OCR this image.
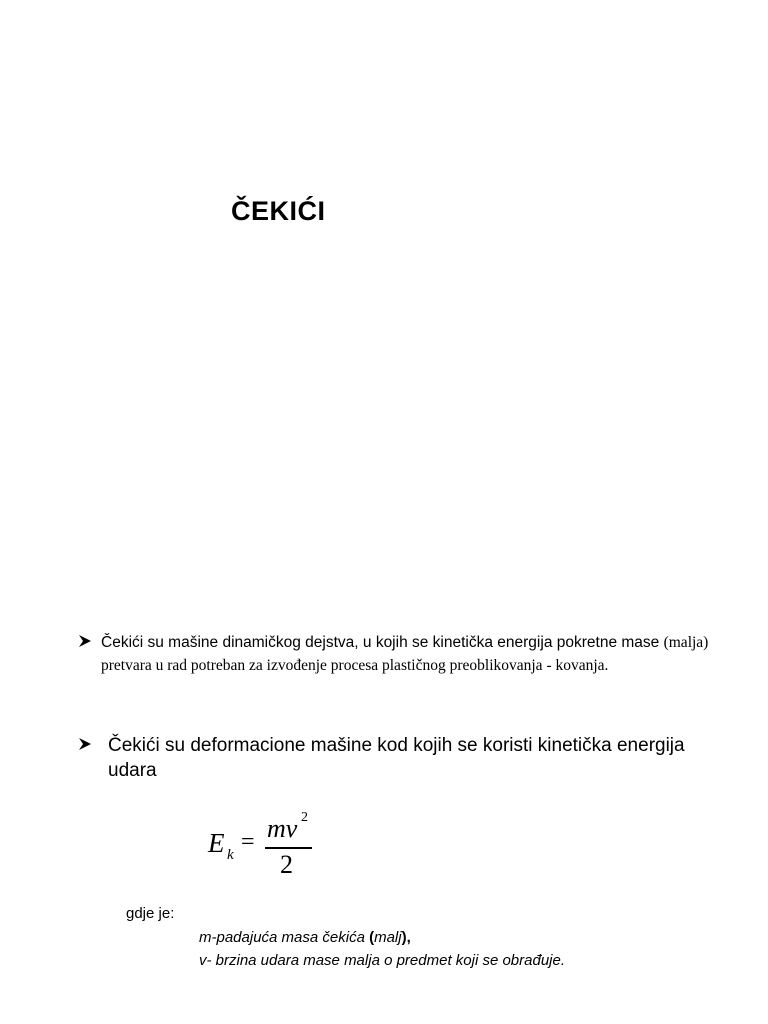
ČEKIĆI
Čekići su mašine dinamičkog dejstva, u kojih se kinetička energija pokretne mase (malja) pretvara u rad potreban za izvođenje procesa plastičnog preoblikovanja - kovanja.
Čekići su deformacione mašine kod kojih se koristi kinetička energija udara
E k = mv 2
2
gdje je:
m-padajuća masa čekića (malj),
v- brzina udara mase malja o predmet koji se obrađuje.
